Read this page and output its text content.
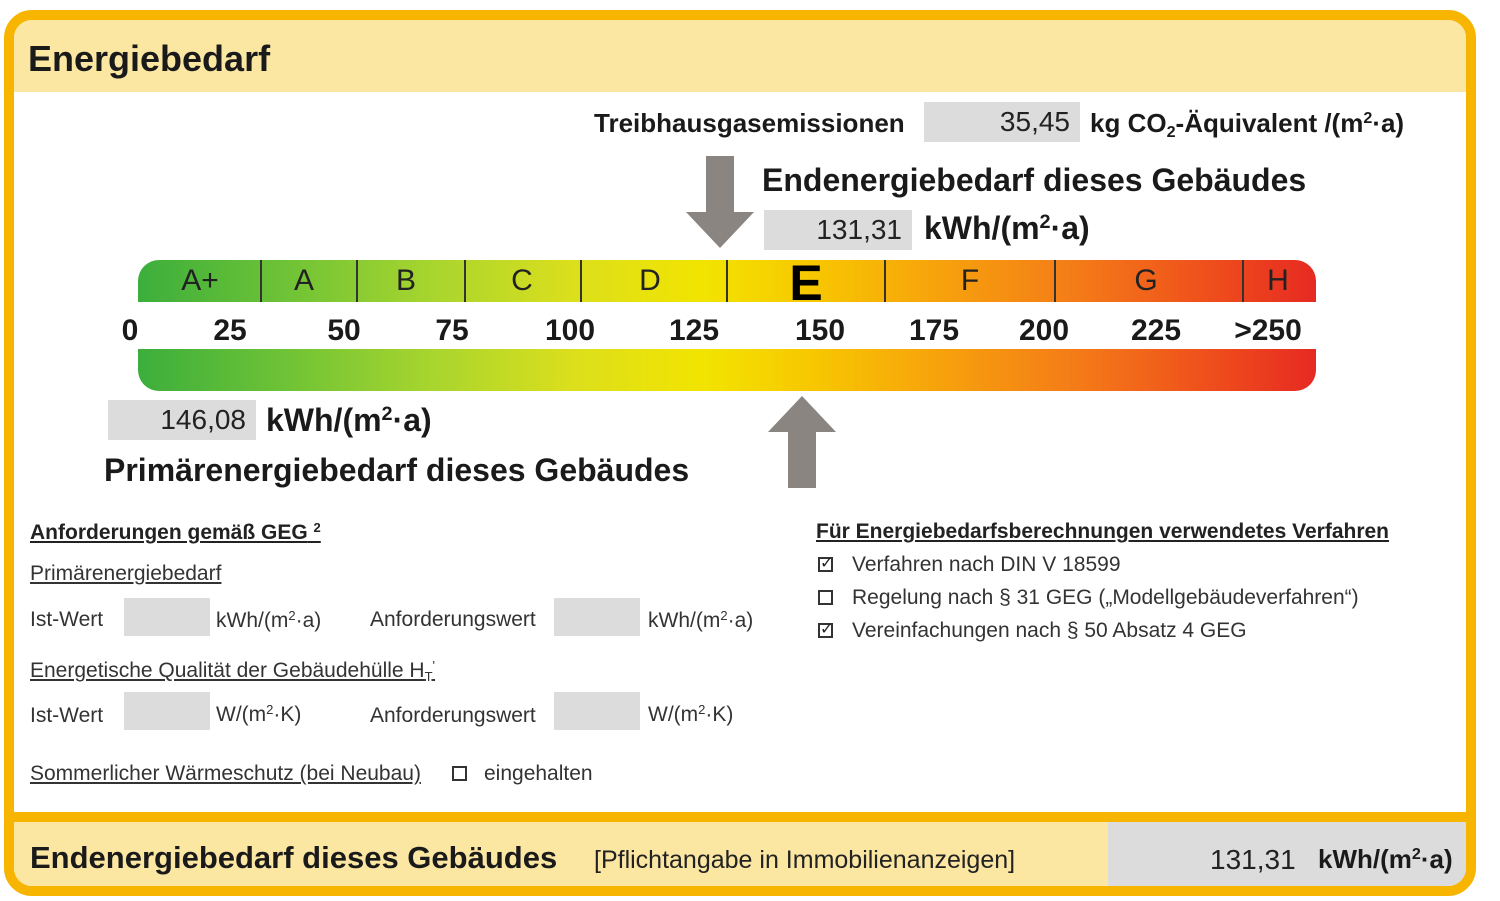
Energiebedarf
Treibhausgasemissionen	35,45 kg $CO_2$-Äquivalent $/(m^2\cdot a)$
Endenergiebedarf dieses Gebäudes
131,31 kWh/$(m^2\cdot a)$
A+	A	B	C	D	E	F	G	H
0 25	50 75	100 125	150 175 200 225 >250
146,08 kWh/$(m^2\cdot a)$
Primärenergiebedarf dieses Gebäudes
Anforderungen gemäß GEG $^2$
Primärenergiebedarf
Ist-Wert	kWh/$(m^2\cdot a)$ Anforderungswert	kWh/$(m^2\cdot a)$
Energetische Qualität der Gebäudehülle $H_T'$
Ist-Wert	$W/(m^2\cdot K)$	Anforderungswert	$W/(m^2\cdot K)$
Sommerlicher Wärmeschutz (bei Neubau)	eingehalten
Für Energiebedarfsberechnungen verwendetes Verfahren
✓
Verfahren nach DIN V 18599
Regelung nach § 31 GEG („Modellgebäudeverfahren“)
✓
Vereinfachungen nach § 50 Absatz 4 GEG
Endenergiebedarf dieses Gebäudes [Pflichtangabe in Immobilienanzeigen]	131,31 kWh/$(m^2\cdot a)$
